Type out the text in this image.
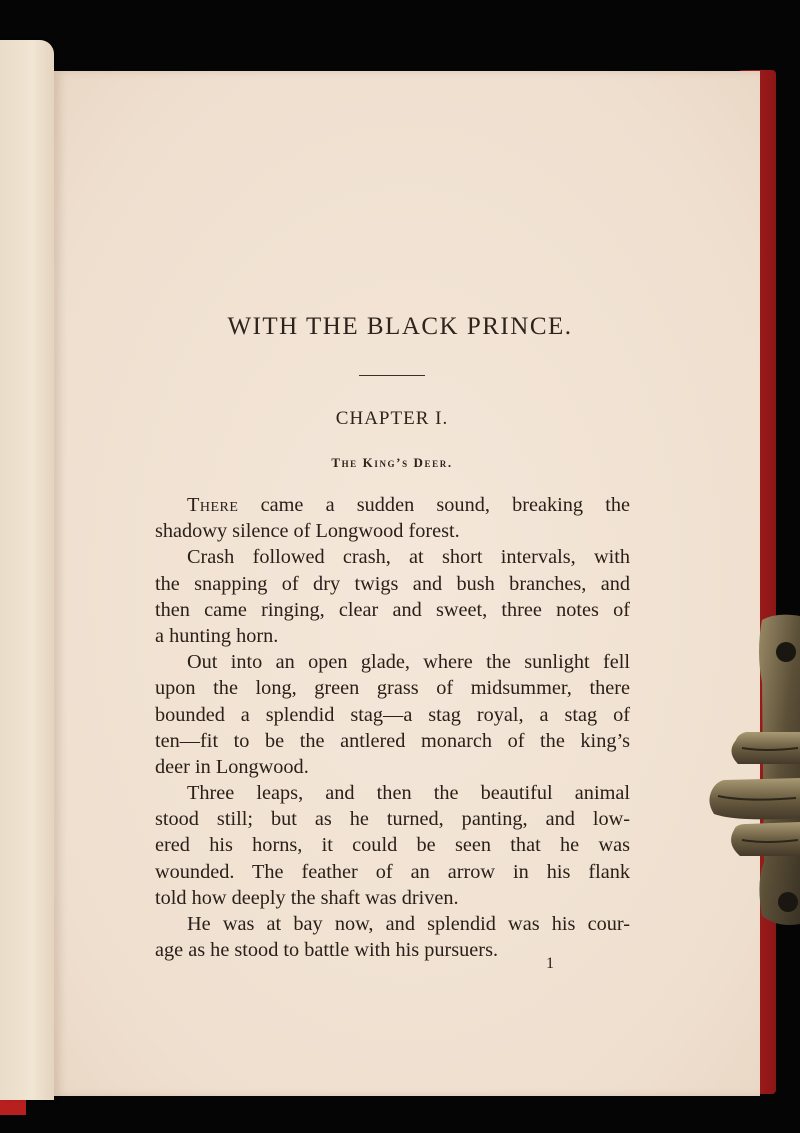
WITH THE BLACK PRINCE.
CHAPTER I.
The King’s Deer.
There came a sudden sound, breaking the
shadowy silence of Longwood forest.
Crash followed crash, at short intervals, with
the snapping of dry twigs and bush branches, and
then came ringing, clear and sweet, three notes of
a hunting horn.
Out into an open glade, where the sunlight fell
upon the long, green grass of midsummer, there
bounded a splendid stag—a stag royal, a stag of
ten—fit to be the antlered monarch of the king’s
deer in Longwood.
Three leaps, and then the beautiful animal
stood still; but as he turned, panting, and low-
ered his horns, it could be seen that he was
wounded. The feather of an arrow in his flank
told how deeply the shaft was driven.
He was at bay now, and splendid was his cour-
age as he stood to battle with his pursuers.
1
